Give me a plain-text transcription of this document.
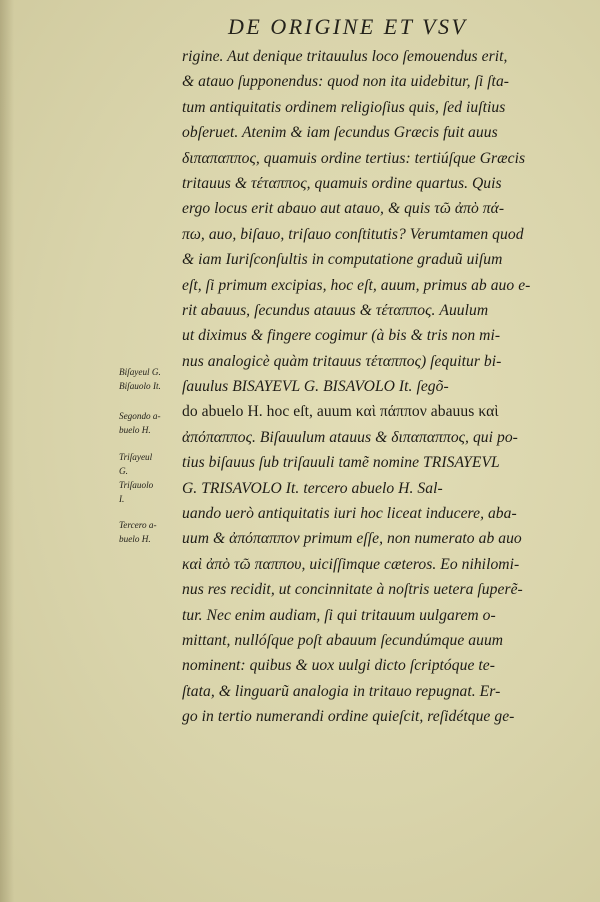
DE ORIGINE ET VSV
rigine. Aut denique tritauulus loco ſemouendus erit,
& atauo ſupponendus: quod non ita uidebitur, ſi ſta-
tum antiquitatis ordinem religioſius quis, ſed iuſtius
obſeruet. Atenim & iam ſecundus Græcis fuit auus
διπαπαππος, quamuis ordine tertius: tertiúſque Græcis
tritauus & τέταππος, quamuis ordine quartus. Quis
ergo locus erit abauo aut atauo, & quis τῶ ἀπὸ πά-
πω, auo, biſauo, triſauo conſtitutis? Verumtamen quod
& iam Iuriſconſultis in computatione graduũ uiſum
eſt, ſi primum excipias, hoc eſt, auum, primus ab auo e-
rit abauus, ſecundus atauus & τέταππος. Auulum
ut diximus & fingere cogimur (à bis & tris non mi-
nus analogicè quàm tritauus τέταππος) ſequitur bi-
ſauulus BISAYEVL G. BISAVOLO It. ſegõ-
do abuelo H. hoc eſt, auum καὶ πάππον abauus καὶ
ἀπόπαππος. Biſauulum atauus & διπαπαππος, qui po-
tius biſauus ſub triſauuli tamẽ nomine TRISAYEVL
G. TRISAVOLO It. tercero abuelo H. Sal-
uando uerò antiquitatis iuri hoc liceat inducere, aba-
uum & ἀπόπαππον primum eſſe, non numerato ab auo
καὶ ἀπὸ τῶ παππου, uiciſſimque cæteros. Eo nihilomi-
nus res recidit, ut concinnitate à noſtris uetera ſuperẽ-
tur. Nec enim audiam, ſi qui tritauum uulgarem o-
mittant, nullóſque poſt abauum ſecundúmque auum
nominent: quibus & uox uulgi dicto ſcriptóque te-
ſtata, & linguarũ analogia in tritauo repugnat. Er-
go in tertio numerandi ordine quieſcit, reſidétque ge-
Biſayeul G.
Biſauolo It.
Segondo a-
buelo H.
Triſayeul
G.
Triſauolo
I.
Tercero a-
buelo H.
